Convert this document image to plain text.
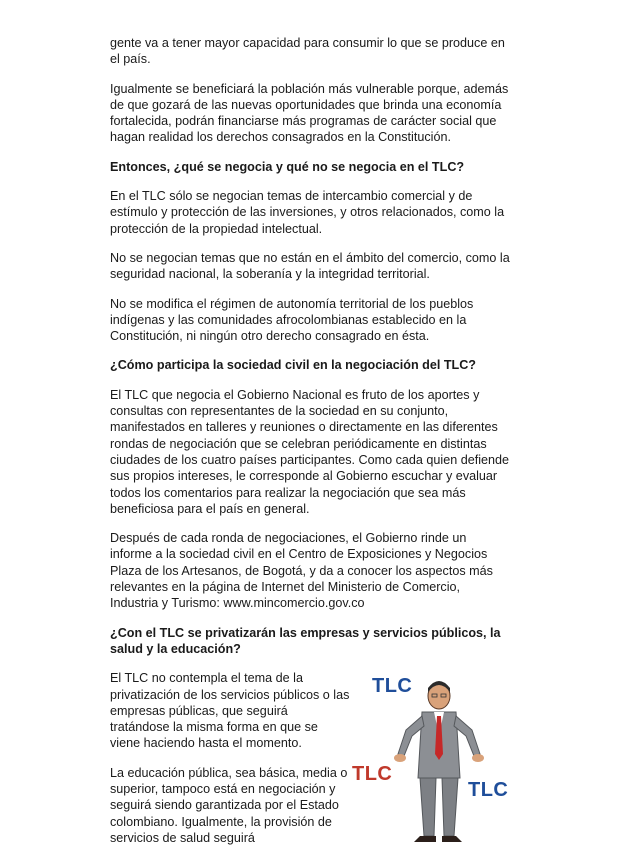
gente va a tener mayor capacidad para consumir lo que se produce en el país.

Igualmente se beneficiará la población más vulnerable porque, además de que gozará de las nuevas oportunidades que brinda una economía fortalecida, podrán financiarse más programas de carácter social que hagan realidad los derechos consagrados en la Constitución.

Entonces, ¿qué se negocia y qué no se negocia en el TLC?

En el TLC sólo se negocian temas de intercambio comercial y de estímulo y protección de las inversiones, y otros relacionados, como la protección de la propiedad intelectual.

No se negocian temas que no están en el ámbito del comercio, como la seguridad nacional, la soberanía y la integridad territorial.

No se modifica el régimen de autonomía territorial de los pueblos indígenas y las comunidades afrocolombianas establecido en la Constitución, ni ningún otro derecho consagrado en ésta.

¿Cómo participa la sociedad civil en la negociación del TLC?

El TLC que negocia el Gobierno Nacional es fruto de los aportes y consultas con representantes de la sociedad en su conjunto, manifestados en talleres y reuniones o directamente en las diferentes rondas de negociación que se celebran periódicamente en distintas ciudades de los cuatro países participantes. Como cada quien defiende sus propios intereses, le corresponde al Gobierno escuchar y evaluar todos los comentarios para realizar la negociación que sea más beneficiosa para el país en general.

Después de cada ronda de negociaciones, el Gobierno rinde un informe a la sociedad civil en el Centro de Exposiciones y Negocios Plaza de los Artesanos, de Bogotá, y da a conocer los aspectos más relevantes en la página de Internet del Ministerio de Comercio, Industria y Turismo: www.mincomercio.gov.co

¿Con el TLC se privatizarán las empresas y servicios públicos, la salud y la educación?

El TLC no contempla el tema de la privatización de los servicios públicos o las empresas públicas, que seguirá tratándose la misma forma en que se viene haciendo hasta el momento.

La educación pública, sea básica, media o superior, tampoco está en negociación y seguirá siendo garantizada por el Estado colombiano. Igualmente, la provisión de servicios de salud seguirá

TLC
TLC
TLC
